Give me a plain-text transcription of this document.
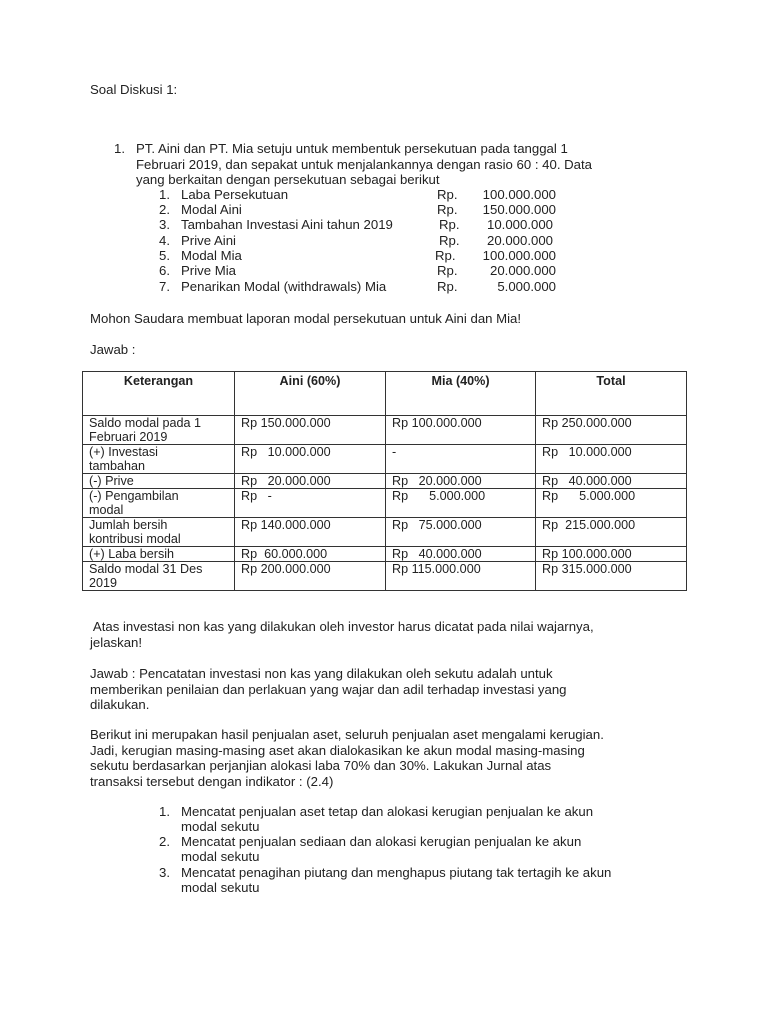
Soal Diskusi 1:
1. PT. Aini dan PT. Mia setuju untuk membentuk persekutuan pada tanggal 1
Februari 2019, dan sepakat untuk menjalankannya dengan rasio 60 : 40. Data
yang berkaitan dengan persekutuan sebagai berikut
1. Laba Persekutuan	Rp.	100.000.000
2. Modal Aini	Rp.	150.000.000
3. Tambahan Investasi Aini tahun 2019	Rp.	10.000.000
4. Prive Aini	Rp.	20.000.000
5. Modal Mia	Rp.	100.000.000
6. Prive Mia	Rp.	20.000.000
7. Penarikan Modal (withdrawals) Mia	Rp.	5.000.000
Mohon Saudara membuat laporan modal persekutuan untuk Aini dan Mia!
Jawab :
Keterangan	Aini (60%)	Mia (40%)	Total
Saldo modal pada 1
Februari 2019	Rp 150.000.000	Rp 100.000.000	Rp 250.000.000
(+) Investasi
tambahan	Rp   10.000.000	-	Rp   10.000.000
(-) Prive	Rp   20.000.000	Rp   20.000.000	Rp   40.000.000
(-) Pengambilan
modal	Rp   -	Rp      5.000.000	Rp      5.000.000
Jumlah bersih
kontribusi modal	Rp 140.000.000	Rp   75.000.000	Rp  215.000.000
(+) Laba bersih	Rp  60.000.000	Rp   40.000.000	Rp 100.000.000
Saldo modal 31 Des
2019	Rp 200.000.000	Rp 115.000.000	Rp 315.000.000
Atas investasi non kas yang dilakukan oleh investor harus dicatat pada nilai wajarnya,
jelaskan!
Jawab : Pencatatan investasi non kas yang dilakukan oleh sekutu adalah untuk
memberikan penilaian dan perlakuan yang wajar dan adil terhadap investasi yang
dilakukan.
Berikut ini merupakan hasil penjualan aset, seluruh penjualan aset mengalami kerugian.
Jadi, kerugian masing-masing aset akan dialokasikan ke akun modal masing-masing
sekutu berdasarkan perjanjian alokasi laba 70% dan 30%. Lakukan Jurnal atas
transaksi tersebut dengan indikator : (2.4)
1. Mencatat penjualan aset tetap dan alokasi kerugian penjualan ke akun
modal sekutu
2. Mencatat penjualan sediaan dan alokasi kerugian penjualan ke akun
modal sekutu
3. Mencatat penagihan piutang dan menghapus piutang tak tertagih ke akun
modal sekutu
